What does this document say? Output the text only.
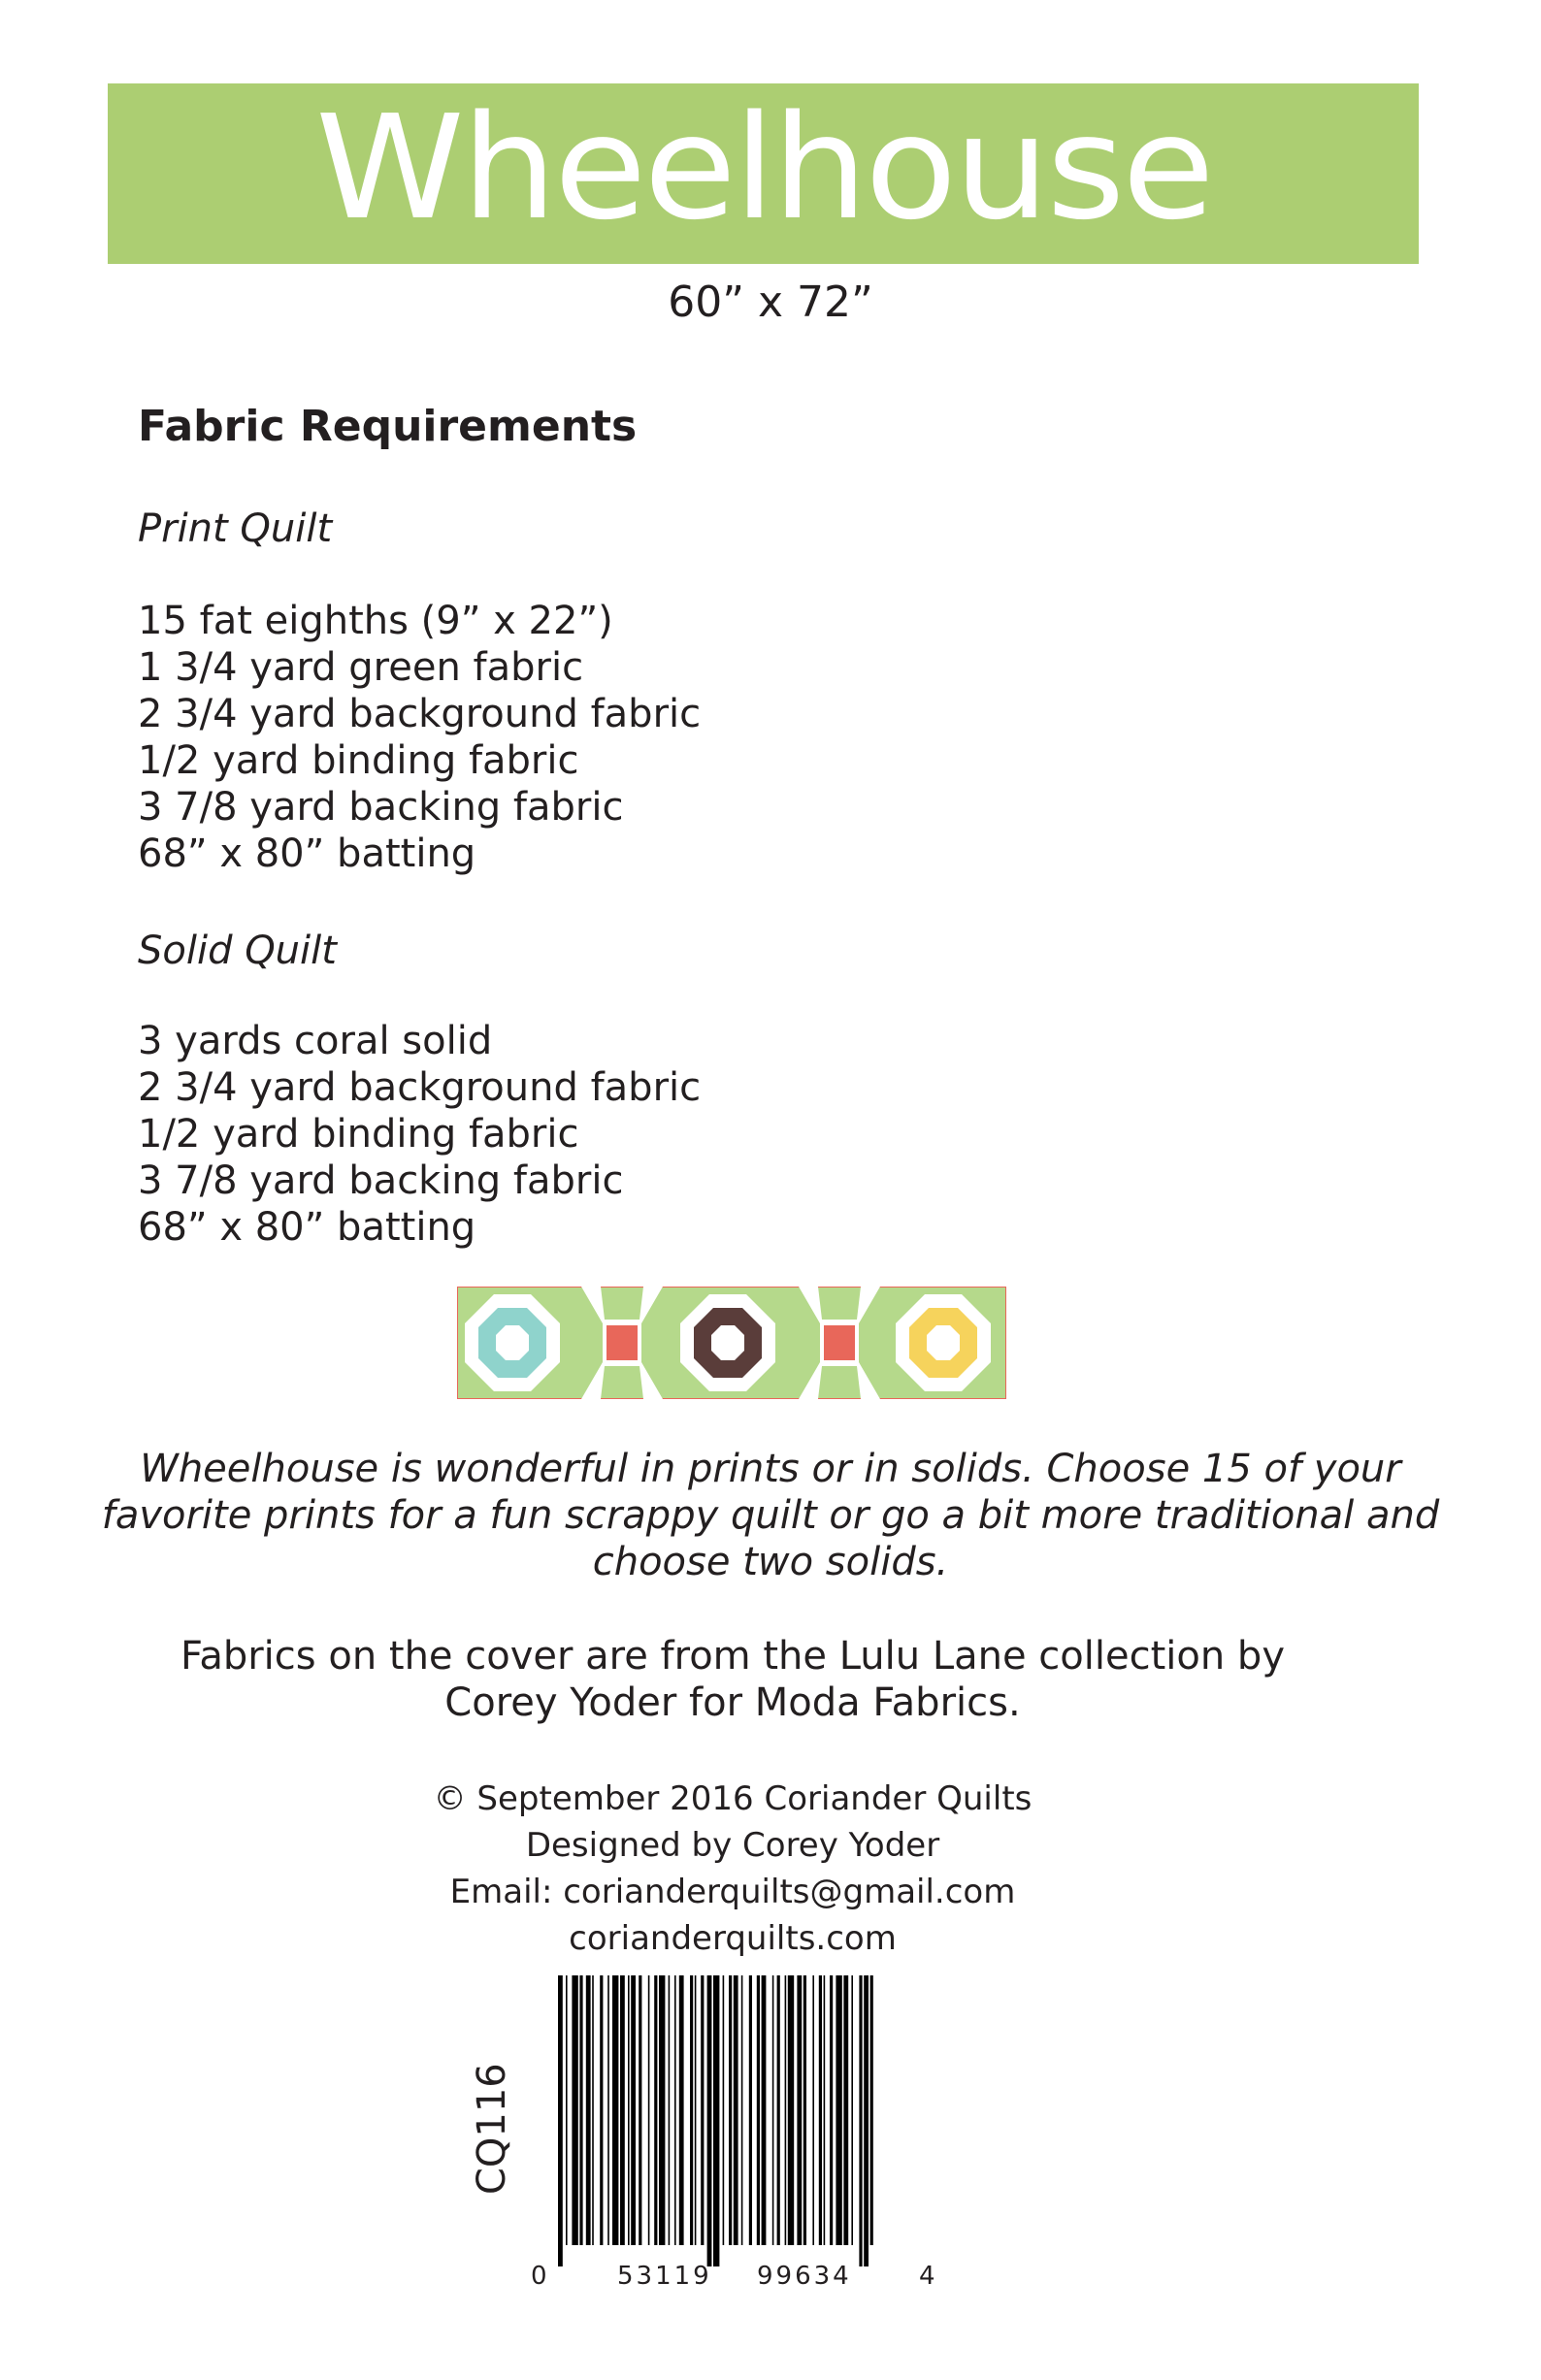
Wheelhouse
60” x 72”
Fabric Requirements
Print Quilt
15 fat eighths (9” x 22”)
1 3/4 yard green fabric
2 3/4 yard background fabric
1/2 yard binding fabric
3 7/8 yard backing fabric
68” x 80” batting
Solid Quilt
3 yards coral solid
2 3/4 yard background fabric
1/2 yard binding fabric
3 7/8 yard backing fabric
68” x 80” batting
Wheelhouse is wonderful in prints or in solids. Choose 15 of your
favorite prints for a fun scrappy quilt or go a bit more traditional and
choose two solids.
Fabrics on the cover are from the Lulu Lane collection by
Corey Yoder for Moda Fabrics.
© September 2016 Coriander Quilts
Designed by Corey Yoder
Email: corianderquilts@gmail.com
corianderquilts.com
CQ116
0	53119 99634	4
